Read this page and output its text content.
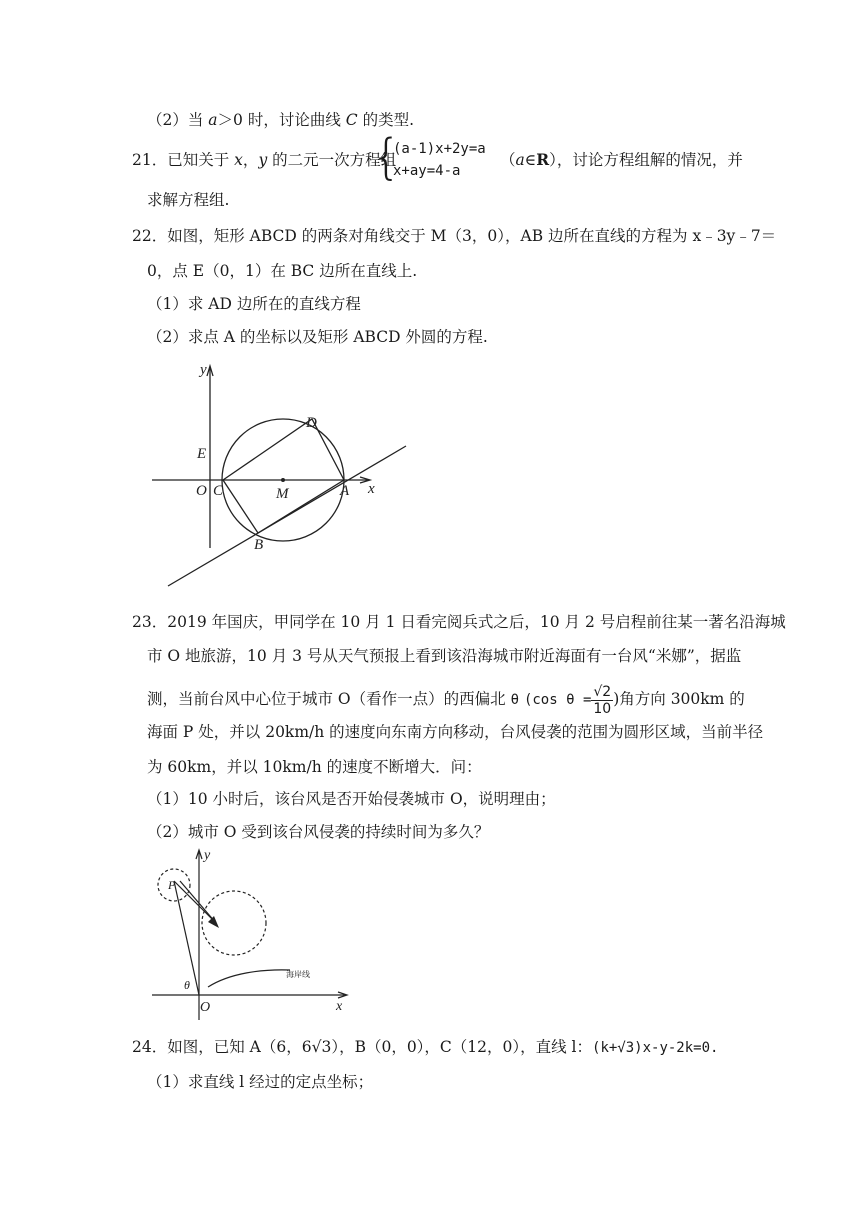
（2）当 a＞0 时，讨论曲线 C 的类型.
21．已知关于 x，y 的二元一次方程组
{
(a-1)x+2y=a
x+ay=4-a
（a∈R），讨论方程组解的情况，并
求解方程组.
22．如图，矩形 ABCD 的两条对角线交于 M（3，0），AB 边所在直线的方程为 x﹣3y﹣7＝
0，点 E（0，1）在 BC 边所在直线上.
（1）求 AD 边所在的直线方程
（2）求点 A 的坐标以及矩形 ABCD 外圆的方程.
y
x
O C
E
M	A
B
D
23．2019 年国庆，甲同学在 10 月 1 日看完阅兵式之后，10 月 2 号启程前往某一著名沿海城
市 O 地旅游，10 月 3 号从天气预报上看到该沿海城市附近海面有一台风“米娜”，据监
测，当前台风中心位于城市 O（看作一点）的西偏北 θ (cos $\theta = \frac{√2}{10}$ )角方向 300km 的
海面 P 处，并以 20km/h 的速度向东南方向移动，台风侵袭的范围为圆形区域，当前半径
为 60km，并以 10km/h 的速度不断增大．问：
（1）10 小时后，该台风是否开始侵袭城市 O，说明理由；
（2）城市 O 受到该台风侵袭的持续时间为多久？
y
x
O
P
θ
海岸线
24．如图，已知 A（6，6√3），B（0，0），C（12，0），直线 l：(k+√3)x-y-2k=0.
（1）求直线 l 经过的定点坐标；
